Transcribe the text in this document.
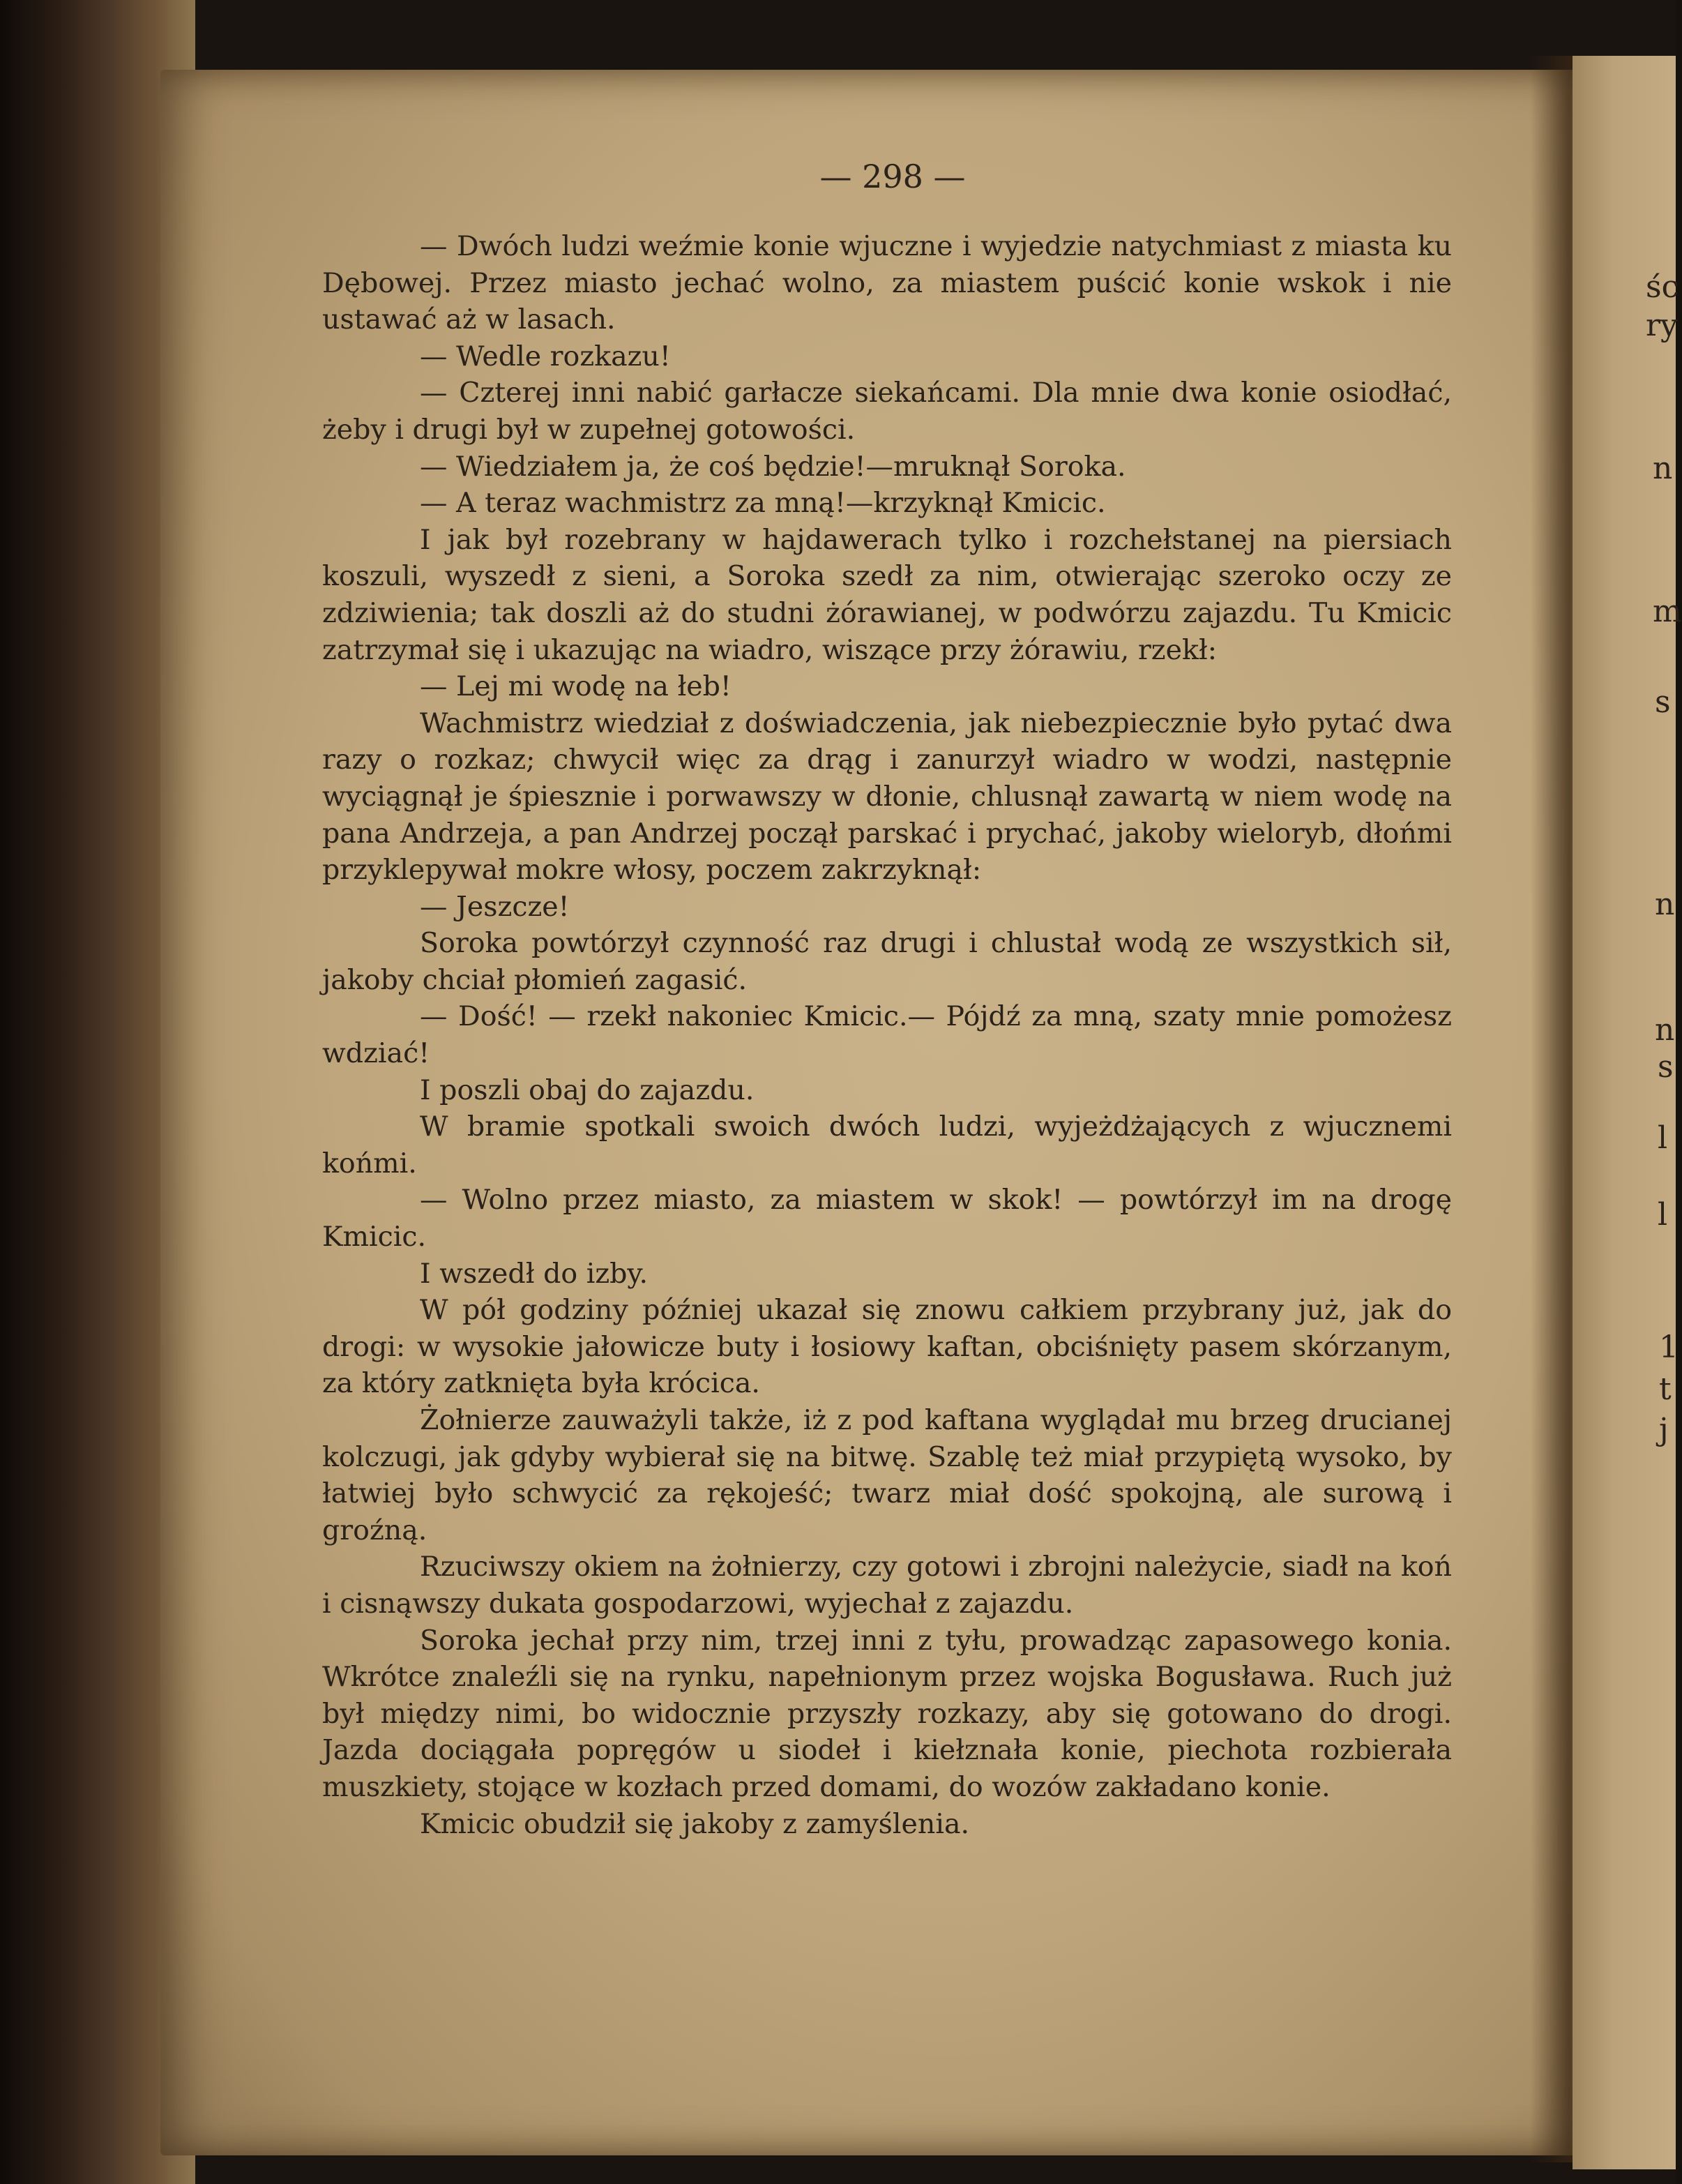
śc
ry
n
m
s
n
n
s
l
l
1
t
j
— 298 —

— Dwóch ludzi weźmie konie wjuczne i wyjedzie natychmiast z miasta ku Dębowej. Przez miasto jechać wolno, za miastem puścić konie wskok i nie ustawać aż w lasach.

— Wedle rozkazu!

— Czterej inni nabić garłacze siekańcami. Dla mnie dwa konie osiodłać, żeby i drugi był w zupełnej gotowości.

— Wiedziałem ja, że coś będzie!—mruknął Soroka.

— A teraz wachmistrz za mną!—krzyknął Kmicic.

I jak był rozebrany w hajdawerach tylko i rozchełstanej na piersiach koszuli, wyszedł z sieni, a Soroka szedł za nim, otwierając szeroko oczy ze zdziwienia; tak doszli aż do studni żórawianej, w podwórzu zajazdu. Tu Kmicic zatrzymał się i ukazując na wiadro, wiszące przy żórawiu, rzekł:

— Lej mi wodę na łeb!

Wachmistrz wiedział z doświadczenia, jak niebezpiecznie było pytać dwa razy o rozkaz; chwycił więc za drąg i zanurzył wiadro w wodzi, następnie wyciągnął je śpiesznie i porwawszy w dłonie, chlusnął zawartą w niem wodę na pana Andrzeja, a pan Andrzej począł parskać i prychać, jakoby wieloryb, dłońmi przyklepywał mokre włosy, poczem zakrzyknął:

— Jeszcze!

Soroka powtórzył czynność raz drugi i chlustał wodą ze wszystkich sił, jakoby chciał płomień zagasić.

— Dość! — rzekł nakoniec Kmicic.— Pójdź za mną, szaty mnie pomożesz wdziać!

I poszli obaj do zajazdu.

W bramie spotkali swoich dwóch ludzi, wyjeżdżających z wjucznemi końmi.

— Wolno przez miasto, za miastem w skok! — powtórzył im na drogę Kmicic.

I wszedł do izby.

W pół godziny później ukazał się znowu całkiem przybrany już, jak do drogi: w wysokie jałowicze buty i łosiowy kaftan, obciśnięty pasem skórzanym, za który zatknięta była krócica.

Żołnierze zauważyli także, iż z pod kaftana wyglądał mu brzeg drucianej kolczugi, jak gdyby wybierał się na bitwę. Szablę też miał przypiętą wysoko, by łatwiej było schwycić za rękojeść; twarz miał dość spokojną, ale surową i groźną.

Rzuciwszy okiem na żołnierzy, czy gotowi i zbrojni należycie, siadł na koń i cisnąwszy dukata gospodarzowi, wyjechał z zajazdu.

Soroka jechał przy nim, trzej inni z tyłu, prowadząc zapasowego konia. Wkrótce znaleźli się na rynku, napełnionym przez wojska Bogusława. Ruch już był między nimi, bo widocznie przyszły rozkazy, aby się gotowano do drogi. Jazda dociągała popręgów u siodeł i kiełznała konie, piechota rozbierała muszkiety, stojące w kozłach przed domami, do wozów zakładano konie.

Kmicic obudził się jakoby z zamyślenia.
